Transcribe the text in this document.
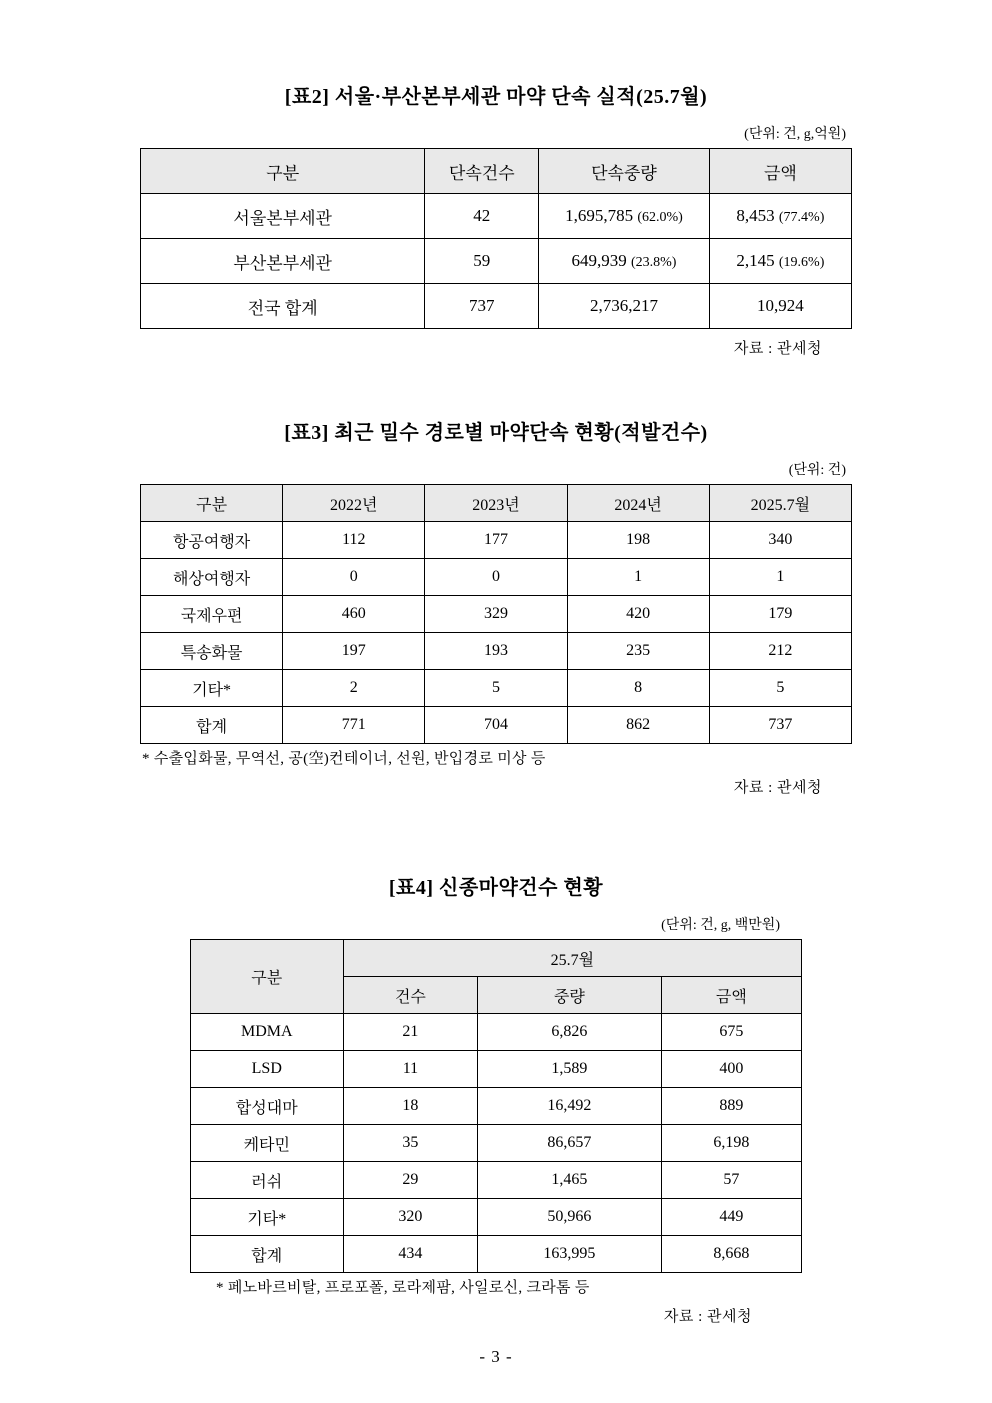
[표2] 서울·부산본부세관 마약 단속 실적(25.7월)
(단위: 건, g,억원)
구분	단속건수	단속중량	금액
서울본부세관	42	1,695,785 (62.0%)	8,453 (77.4%)
부산본부세관	59	649,939 (23.8%)	2,145 (19.6%)
전국 합계	737	2,736,217	10,924
자료 : 관세청
[표3] 최근 밀수 경로별 마약단속 현황(적발건수)
(단위: 건)
구분	2022년	2023년	2024년	2025.7월
항공여행자	112	177	198	340
해상여행자	0	0	1	1
국제우편	460	329	420	179
특송화물	197	193	235	212
기타*	2	5	8	5
합계	771	704	862	737
* 수출입화물, 무역선, 공(空)컨테이너, 선원, 반입경로 미상 등
자료 : 관세청
[표4] 신종마약건수 현황
(단위: 건, g, 백만원)
구분	25.7월		
	건수	중량	금액
MDMA	21	6,826	675
LSD	11	1,589	400
합성대마	18	16,492	889
케타민	35	86,657	6,198
러쉬	29	1,465	57
기타*	320	50,966	449
합계	434	163,995	8,668
* 페노바르비탈, 프로포폴, 로라제팜, 사일로신, 크라톰 등
자료 : 관세청
- 3 -
